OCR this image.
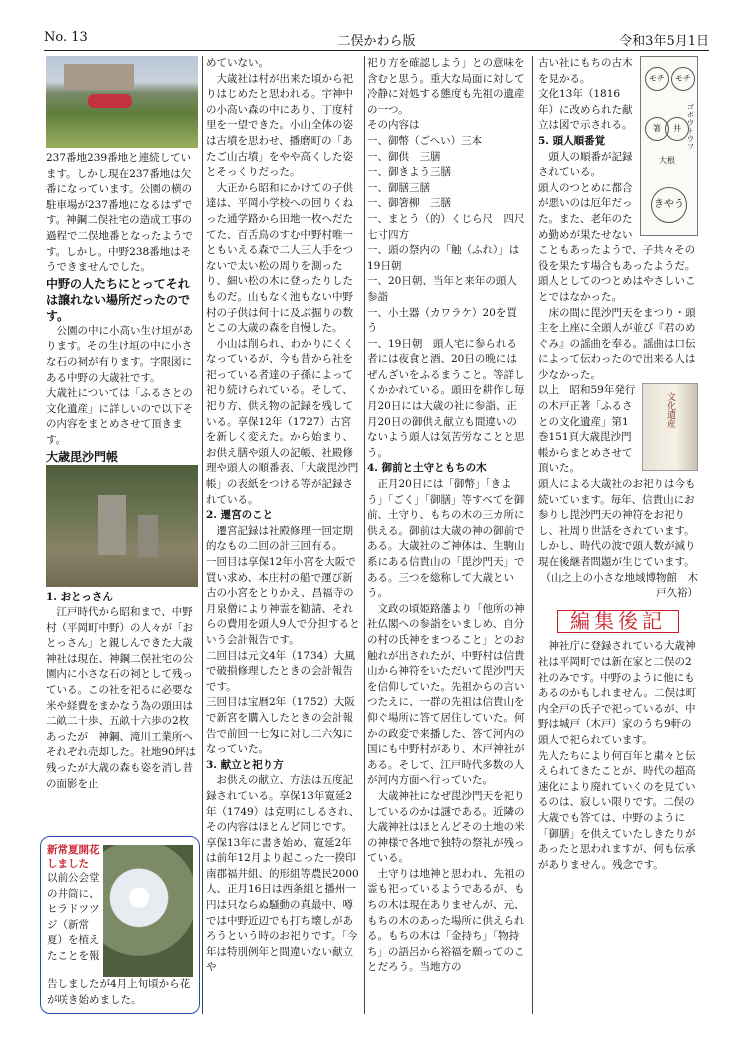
No. 13	二俣かわら版	令和3年5月1日

237番地239番地と連続しています。しかし現在237番地は欠番になっています。公園の横の駐車場が237番地になるはずです。神鋼二俣社宅の造成工事の過程で二俣地番となったようです。しかし。中野238番地はそうできませんでした。

中野の人たちにとってそれは譲れない場所だったのです。

公園の中に小高い生け垣があります。その生け垣の中に小さな石の祠が有ります。字限図にある中野の大歳社です。

大歳社については「ふるさとの文化遺産」に詳しいので以下その内容をまとめさせて頂きます。

大歳毘沙門帳

1. おとっさん

江戸時代から昭和まで、中野村（平岡町中野）の人々が「おとっさん」と親しんできた大歳神社は現在、神鋼二俣社宅の公園内に小さな石の祠として残っている。この社を祀るに必要な米や経費をまかなう為の頭田は二畝二十歩、五畝十六歩の2枚あったが　神鋼、滝川工業所へそれぞれ売却した。社地90坪は残ったが大歳の森も姿を消し昔の面影を止

新常夏開花しました
以前公会堂の井筒に、ヒラドツツジ（新常夏）を植えたことを報
告しましたが4月上旬頃から花が咲き始めました。

めていない。

大歳社は村が出来た頃から祀りはじめたと思われる。宇神中の小高い森の中にあり、丁度村里を一望できた。小山全体の姿は古墳を思わせ、播磨町の「あたご山古墳」をやや高くした姿とそっくりだった。

大正から昭和にかけての子供達は、平岡小学校への回りくねった通学路から田地一枚へだたてた、百舌鳥のすむ中野村唯一ともいえる森で二人三人手をつないで太い松の周りを測ったり、細い松の木に登ったりしたものだ。山もなく池もない中野村の子供は何十に及ぶ掘りの数とこの大歳の森を自慢した。

小山は削られ、わかりにくくなっているが、今も昔から社を祀っている者達の子孫によって祀り続けられている。そして、祀り方、供え物の記録を残している。享保12年（1727）古宮を新しく変えた。から始まり、お供え膳や頭人の記帳、社殿修理や頭人の順番表、「大歳毘沙門帳」の表紙をつける等が記録されている。

2. 遷宮のこと

遷宮記録は社殿修理一回定期的なもの二回の計三回有る。

一回目は享保12年小宮を大阪で買い求め、本庄村の船で運び新古の小宮をとりかえ、昌福寺の月泉僧により神霊を勧請、それらの費用を頭人9人で分担するという会計報告です。

二回目は元文4年（1734）大風で破損修理したときの会計報告です。

三回目は宝暦2年（1752）大阪で新宮を購入したときの会計報告で前回一七匁に対し二六匁になっていた。

3. 献立と祀り方

お供えの献立、方法は五度記録されている。享保13年寛延2年（1749）は克明にしるされ、その内容はほとんど同じです。享保13年に書き始め、寛延2年は前年12月より起こった一揆印南郡福井組、的形組等農民2000人、正月16日は西条組と播州一円は只ならぬ騒動の真最中、噂では中野近辺でも打ち壊しがあろうという時のお祀りです。「今年は特別例年と間違いない献立や

祀り方を確認しよう」との意味を含むと思う。重大な局面に対して冷静に対処する態度も先祖の遺産の一つ。

その内容は

一、御幣（ごへい）三本

一、御供　三膳

一、御きよう三膳

一、御膳三膳

一、御箸柳　三膳

一、まとう（的）くじら尺　四尺七寸四方

一、頭の祭内の「触（ふれ）」は19日朝

一、20日朝、当年と来年の頭人参詣

一、小土器（カワラケ）20を買う

一、19日朝　頭人宅に参られる者には夜食と酒、20日の晩にはぜんざいをふるまうこと。等詳しくかかれている。頭田を耕作し毎月20日には大歳の社に参詣、正月20日の御供え献立も間違いのないよう頭人は気苦労なことと思う。

4. 御前と土守ともちの木

正月20日には「御幣」「きよう」「ごく」「御膳」等すべてを御前、土守り、もちの木の三カ所に供える。御前は大歳の神の御前である。大歳社のご神体は、生駒山系にある信貴山の「毘沙門天」である。三つを総称して大歳という。

文政の頃姫路藩より「他所の神社仏閣への参詣をいましめ、自分の村の氏神をまつること」とのお触れが出されたが、中野村は信貴山から神符をいただいて毘沙門天を信仰していた。先祖からの言いつたえに、一群の先祖は信貴山を仰ぐ場所に答て居住していた。何かの政変で来播した、答て河内の国にも中野村があり、木戸神社がある。そして、江戸時代多数の人が河内方面へ行っていた。

大歳神社になぜ毘沙門天を祀りしているのかは謎である。近隣の大歳神社はほとんどその土地の米の神様で各地で独特の祭礼が残っている。

土守りは地神と思われ、先祖の霊も祀っているようであるが、もちの木は現在ありませんが、元、もちの木のあった場所に供えられる。もちの木は「金持ち」「物持ち」の語呂から裕福を願ってのことだろう。当地方の

モチ	モチ
ゴボウトウフ
箸	井
大根
きやう

古い社にもちの古木を見かる。

文化13年（1816年）に改められた献立は図で示される。

5. 頭人順番覚

頭人の順番が記録されている。

頭人のつとめに都合が悪いのは厄年だった。また、老年のため勤めが果たせないこともあったようで、子共々その役を果たす場合もあったようだ。頭人としてのつとめはやさしいことではなかった。

床の間に毘沙門天をまつり・頭主を上座に全頭人が並び『君のめぐみ』の謡曲を奉る。謡曲は口伝によって伝わったので出来る人は少なかった。

文化遺産

以上　昭和59年発行の木戸正著「ふるさとの文化遺産」第1巻151頁大歳毘沙門帳からまとめさせて頂いた。

頭人による大歳社のお祀りは今も続いています。毎年、信貴山にお参りし毘沙門天の神符をお祀りし、社周り世話をされています。しかし、時代の波で頭人数が減り現在後継者問題が生じています。

（山之上の小さな地域博物館　木戸久裕）

編集後記

神社庁に登録されている大歳神社は平岡町では新在家と二俣の2社のみです。中野のように他にもあるのかもしれません。二俣は町内全戸の氏子で祀っているが、中野は城戸（木戸）家のうち9軒の頭人で祀られています。

先人たちにより何百年と粛々と伝えられてきたことが、時代の超高速化により廃れていくのを見ているのは、寂しい限りです。二俣の大歳でも答ては、中野のように「御膳」を供えていたしきたりがあったと思われますが、何も伝承がありません。残念です。
